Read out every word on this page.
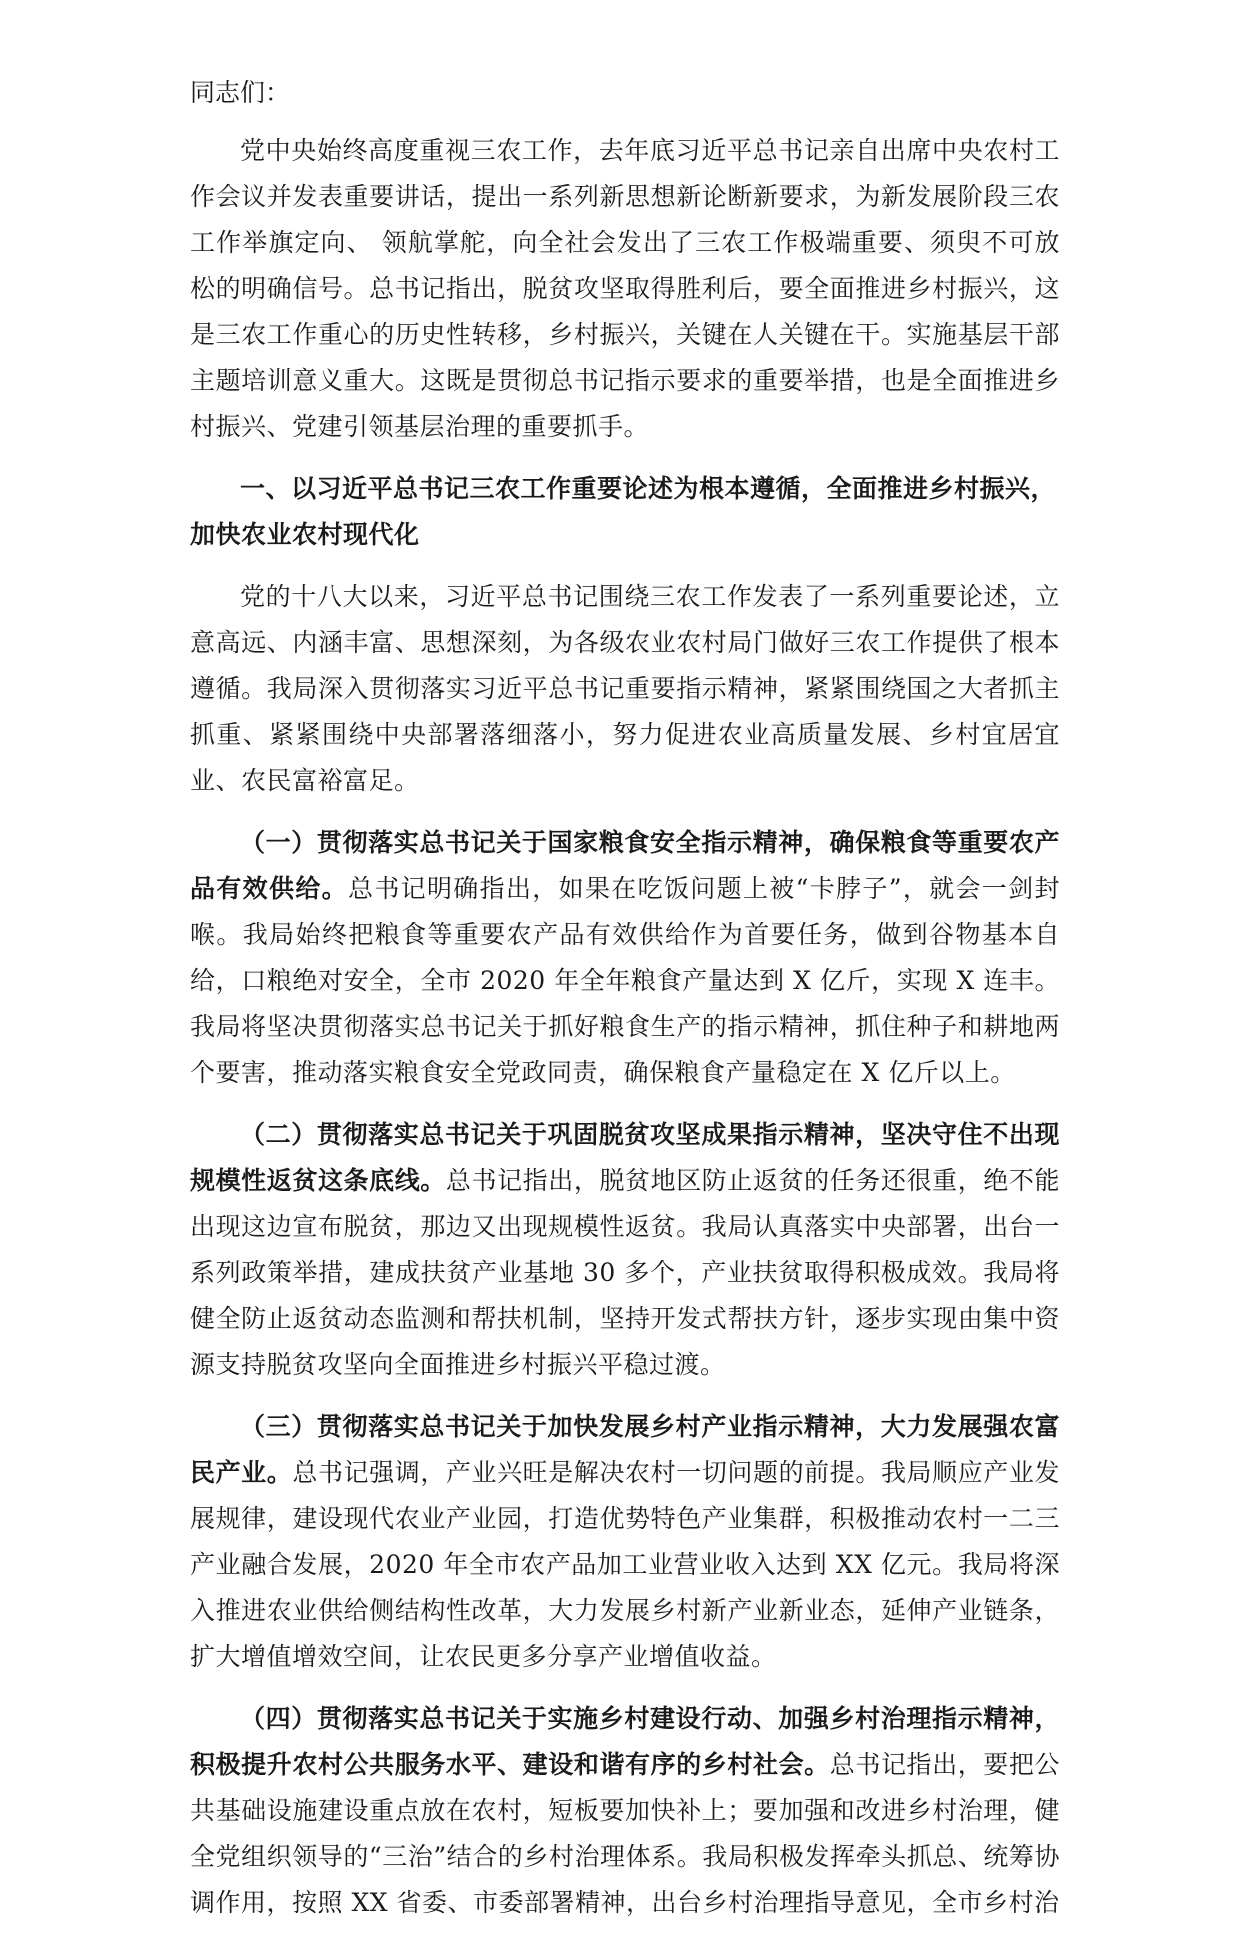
同志们：

党中央始终高度重视三农工作，去年底习近平总书记亲自出席中央农村工作会议并发表重要讲话，提出一系列新思想新论断新要求，为新发展阶段三农工作举旗定向、 领航掌舵，向全社会发出了三农工作极端重要、须臾不可放松的明确信号。总书记指出，脱贫攻坚取得胜利后，要全面推进乡村振兴，这是三农工作重心的历史性转移，乡村振兴，关键在人关键在干。实施基层干部主题培训意义重大。这既是贯彻总书记指示要求的重要举措，也是全面推进乡村振兴、党建引领基层治理的重要抓手。

一、以习近平总书记三农工作重要论述为根本遵循，全面推进乡村振兴，加快农业农村现代化

党的十八大以来，习近平总书记围绕三农工作发表了一系列重要论述，立意高远、内涵丰富、思想深刻，为各级农业农村局门做好三农工作提供了根本遵循。我局深入贯彻落实习近平总书记重要指示精神，紧紧围绕国之大者抓主抓重、紧紧围绕中央部署落细落小，努力促进农业高质量发展、乡村宜居宜业、农民富裕富足。

（一）贯彻落实总书记关于国家粮食安全指示精神，确保粮食等重要农产品有效供给。总书记明确指出，如果在吃饭问题上被“卡脖子”，就会一剑封喉。我局始终把粮食等重要农产品有效供给作为首要任务，做到谷物基本自给，口粮绝对安全，全市 2020 年全年粮食产量达到 X 亿斤，实现 X 连丰。我局将坚决贯彻落实总书记关于抓好粮食生产的指示精神，抓住种子和耕地两个要害，推动落实粮食安全党政同责，确保粮食产量稳定在 X 亿斤以上。

（二）贯彻落实总书记关于巩固脱贫攻坚成果指示精神，坚决守住不出现规模性返贫这条底线。总书记指出，脱贫地区防止返贫的任务还很重，绝不能出现这边宣布脱贫，那边又出现规模性返贫。我局认真落实中央部署，出台一系列政策举措，建成扶贫产业基地 30 多个，产业扶贫取得积极成效。我局将健全防止返贫动态监测和帮扶机制，坚持开发式帮扶方针，逐步实现由集中资源支持脱贫攻坚向全面推进乡村振兴平稳过渡。

（三）贯彻落实总书记关于加快发展乡村产业指示精神，大力发展强农富民产业。总书记强调，产业兴旺是解决农村一切问题的前提。我局顺应产业发展规律，建设现代农业产业园，打造优势特色产业集群，积极推动农村一二三产业融合发展，2020 年全市农产品加工业营业收入达到 XX 亿元。我局将深入推进农业供给侧结构性改革，大力发展乡村新产业新业态，延伸产业链条，扩大增值增效空间，让农民更多分享产业增值收益。

（四）贯彻落实总书记关于实施乡村建设行动、加强乡村治理指示精神，积极提升农村公共服务水平、建设和谐有序的乡村社会。总书记指出，要把公共基础设施建设重点放在农村，短板要加快补上；要加强和改进乡村治理，健全党组织领导的“三治”结合的乡村治理体系。我局积极发挥牵头抓总、统筹协调作用，按照 XX 省委、市委部署精神，出台乡村治理指导意见，全市乡村治
